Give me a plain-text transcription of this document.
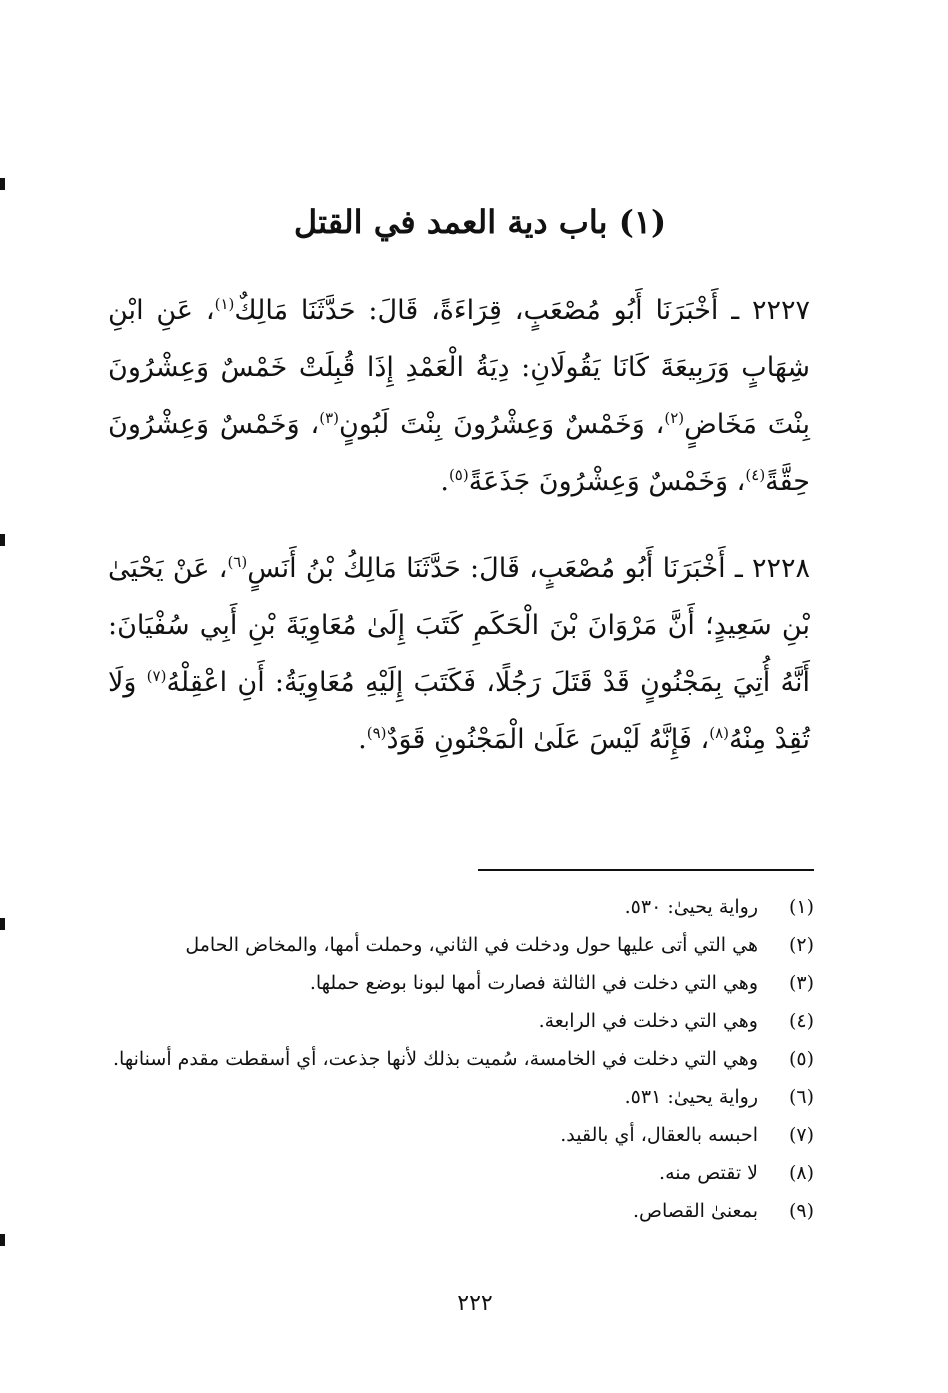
(١) باب دية العمد في القتل

٢٢٢٧ ـ أَخْبَرَنَا أَبُو مُصْعَبٍ، قِرَاءَةً، قَالَ: حَدَّثَنَا مَالِكٌ$^{(١)}$، عَنِ ابْنِ شِهَابٍ وَرَبِيعَةَ كَانَا يَقُولَانِ: دِيَةُ الْعَمْدِ إِذَا قُبِلَتْ خَمْسٌ وَعِشْرُونَ بِنْتَ مَخَاضٍ$^{(٢)}$، وَخَمْسٌ وَعِشْرُونَ بِنْتَ لَبُونٍ$^{(٣)}$، وَخَمْسٌ وَعِشْرُونَ حِقَّةً$^{(٤)}$، وَخَمْسٌ وَعِشْرُونَ جَذَعَةً$^{(٥)}$.

٢٢٢٨ ـ أَخْبَرَنَا أَبُو مُصْعَبٍ، قَالَ: حَدَّثَنَا مَالِكُ بْنُ أَنَسٍ$^{(٦)}$، عَنْ يَحْيَىٰ بْنِ سَعِيدٍ؛ أَنَّ مَرْوَانَ بْنَ الْحَكَمِ كَتَبَ إِلَىٰ مُعَاوِيَةَ بْنِ أَبِي سُفْيَانَ: أَنَّهُ أُتِيَ بِمَجْنُونٍ قَدْ قَتَلَ رَجُلًا، فَكَتَبَ إِلَيْهِ مُعَاوِيَةُ: أَنِ اعْقِلْهُ$^{(٧)}$ وَلَا تُقِدْ مِنْهُ$^{(٨)}$، فَإِنَّهُ لَيْسَ عَلَىٰ الْمَجْنُونِ قَوَدٌ$^{(٩)}$.

(١)
رواية يحيىٰ: ٥٣٠.
(٢)
هي التي أتى عليها حول ودخلت في الثاني، وحملت أمها، والمخاض الحامل
(٣)
وهي التي دخلت في الثالثة فصارت أمها لبونا بوضع حملها.
(٤)
وهي التي دخلت في الرابعة.
(٥)
وهي التي دخلت في الخامسة، سُميت بذلك لأنها جذعت، أي أسقطت مقدم أسنانها.
(٦)
رواية يحيىٰ: ٥٣١.
(٧)
احبسه بالعقال، أي بالقيد.
(٨)
لا تقتص منه.
(٩)
بمعنىٰ القصاص.
٢٢٢
